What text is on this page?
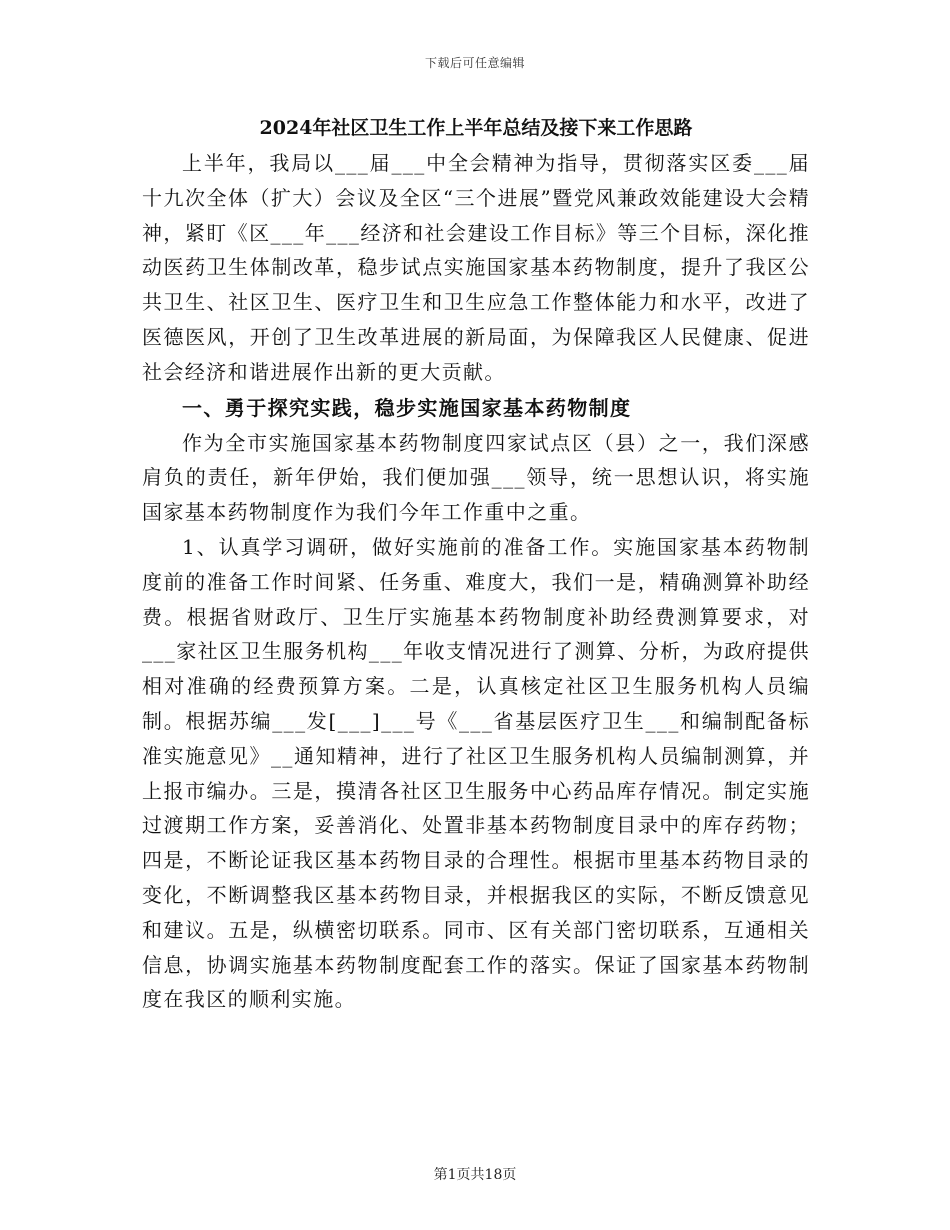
下载后可任意编辑
2024年社区卫生工作上半年总结及接下来工作思路

上半年，我局以___届___中全会精神为指导，贯彻落实区委___届十九次全体（扩大）会议及全区“三个进展”暨党风兼政效能建设大会精神，紧盯《区___年___经济和社会建设工作目标》等三个目标，深化推动医药卫生体制改革，稳步试点实施国家基本药物制度，提升了我区公共卫生、社区卫生、医疗卫生和卫生应急工作整体能力和水平，改进了医德医风，开创了卫生改革进展的新局面，为保障我区人民健康、促进社会经济和谐进展作出新的更大贡献。

一、勇于探究实践，稳步实施国家基本药物制度

作为全市实施国家基本药物制度四家试点区（县）之一，我们深感肩负的责任，新年伊始，我们便加强___领导，统一思想认识，将实施国家基本药物制度作为我们今年工作重中之重。

1、认真学习调研，做好实施前的准备工作。实施国家基本药物制度前的准备工作时间紧、任务重、难度大，我们一是，精确测算补助经费。根据省财政厅、卫生厅实施基本药物制度补助经费测算要求，对___家社区卫生服务机构___年收支情况进行了测算、分析，为政府提供相对准确的经费预算方案。二是，认真核定社区卫生服务机构人员编制。根据苏编___发[___]___号《___省基层医疗卫生___和编制配备标准实施意见》__通知精神，进行了社区卫生服务机构人员编制测算，并上报市编办。三是，摸清各社区卫生服务中心药品库存情况。制定实施过渡期工作方案，妥善消化、处置非基本药物制度目录中的库存药物；四是，不断论证我区基本药物目录的合理性。根据市里基本药物目录的变化，不断调整我区基本药物目录，并根据我区的实际，不断反馈意见和建议。五是，纵横密切联系。同市、区有关部门密切联系，互通相关信息，协调实施基本药物制度配套工作的落实。保证了国家基本药物制度在我区的顺利实施。

第1页共18页
